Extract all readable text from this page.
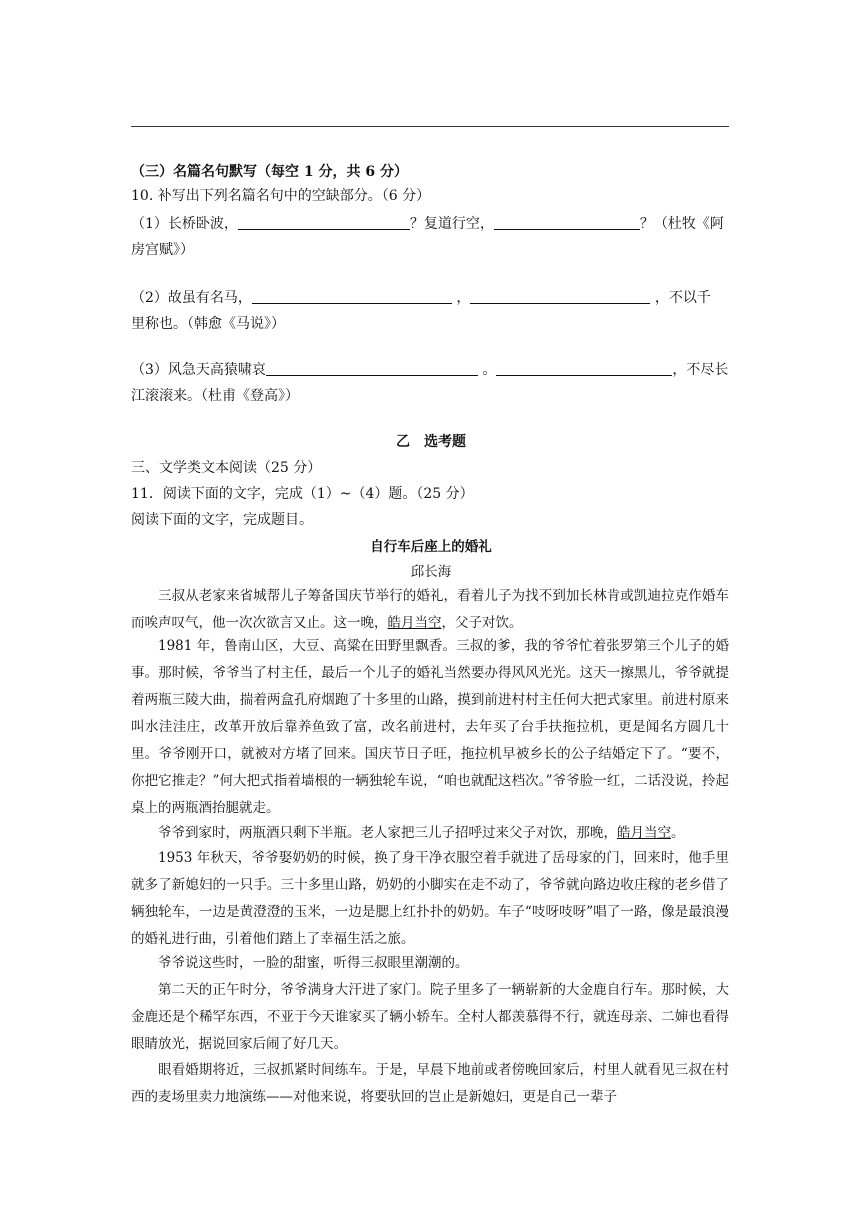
（三）名篇名句默写（每空 1 分，共 6 分）
10. 补写出下列名篇名句中的空缺部分。（6 分）
（1）长桥卧波，	？复道行空，	？（杜牧《阿
房宫赋》）
（2）故虽有名马，	，	，不以千
里称也。（韩愈《马说》）
（3）风急天高猿啸哀	。	，不尽长
江滚滚来。（杜甫《登高》）
乙　选考题
三、文学类文本阅读（25 分）
11．阅读下面的文字，完成（1）~（4）题。（25 分）
阅读下面的文字，完成题目。
自行车后座上的婚礼
邱长海
三叔从老家来省城帮儿子筹备国庆节举行的婚礼，看着儿子为找不到加长林肯或凯迪拉克作婚车而唉声叹气，他一次次欲言又止。这一晚，皓月当空，父子对饮。
1981 年，鲁南山区，大豆、高粱在田野里飘香。三叔的爹，我的爷爷忙着张罗第三个儿子的婚事。那时候，爷爷当了村主任，最后一个儿子的婚礼当然要办得风风光光。这天一擦黑儿，爷爷就提着两瓶三陵大曲，揣着两盒孔府烟跑了十多里的山路，摸到前进村村主任何大把式家里。前进村原来叫水洼洼庄，改革开放后靠养鱼致了富，改名前进村，去年买了台手扶拖拉机，更是闻名方圆几十里。爷爷刚开口，就被对方堵了回来。国庆节日子旺，拖拉机早被乡长的公子结婚定下了。“要不，你把它推走？”何大把式指着墙根的一辆独轮车说，“咱也就配这档次。”爷爷脸一红，二话没说，拎起桌上的两瓶酒抬腿就走。
爷爷到家时，两瓶酒只剩下半瓶。老人家把三儿子招呼过来父子对饮，那晚，皓月当空。
1953 年秋天，爷爷娶奶奶的时候，换了身干净衣服空着手就进了岳母家的门，回来时，他手里就多了新媳妇的一只手。三十多里山路，奶奶的小脚实在走不动了，爷爷就向路边收庄稼的老乡借了辆独轮车，一边是黄澄澄的玉米，一边是腮上红扑扑的奶奶。车子“吱呀吱呀”唱了一路，像是最浪漫的婚礼进行曲，引着他们踏上了幸福生活之旅。
爷爷说这些时，一脸的甜蜜，听得三叔眼里潮潮的。
第二天的正午时分，爷爷满身大汗进了家门。院子里多了一辆崭新的大金鹿自行车。那时候，大金鹿还是个稀罕东西，不亚于今天谁家买了辆小轿车。全村人都羡慕得不行，就连母亲、二婶也看得眼睛放光，据说回家后闹了好几天。
眼看婚期将近，三叔抓紧时间练车。于是，早晨下地前或者傍晚回家后，村里人就看见三叔在村西的麦场里卖力地演练——对他来说，将要驮回的岂止是新媳妇，更是自己一辈子
